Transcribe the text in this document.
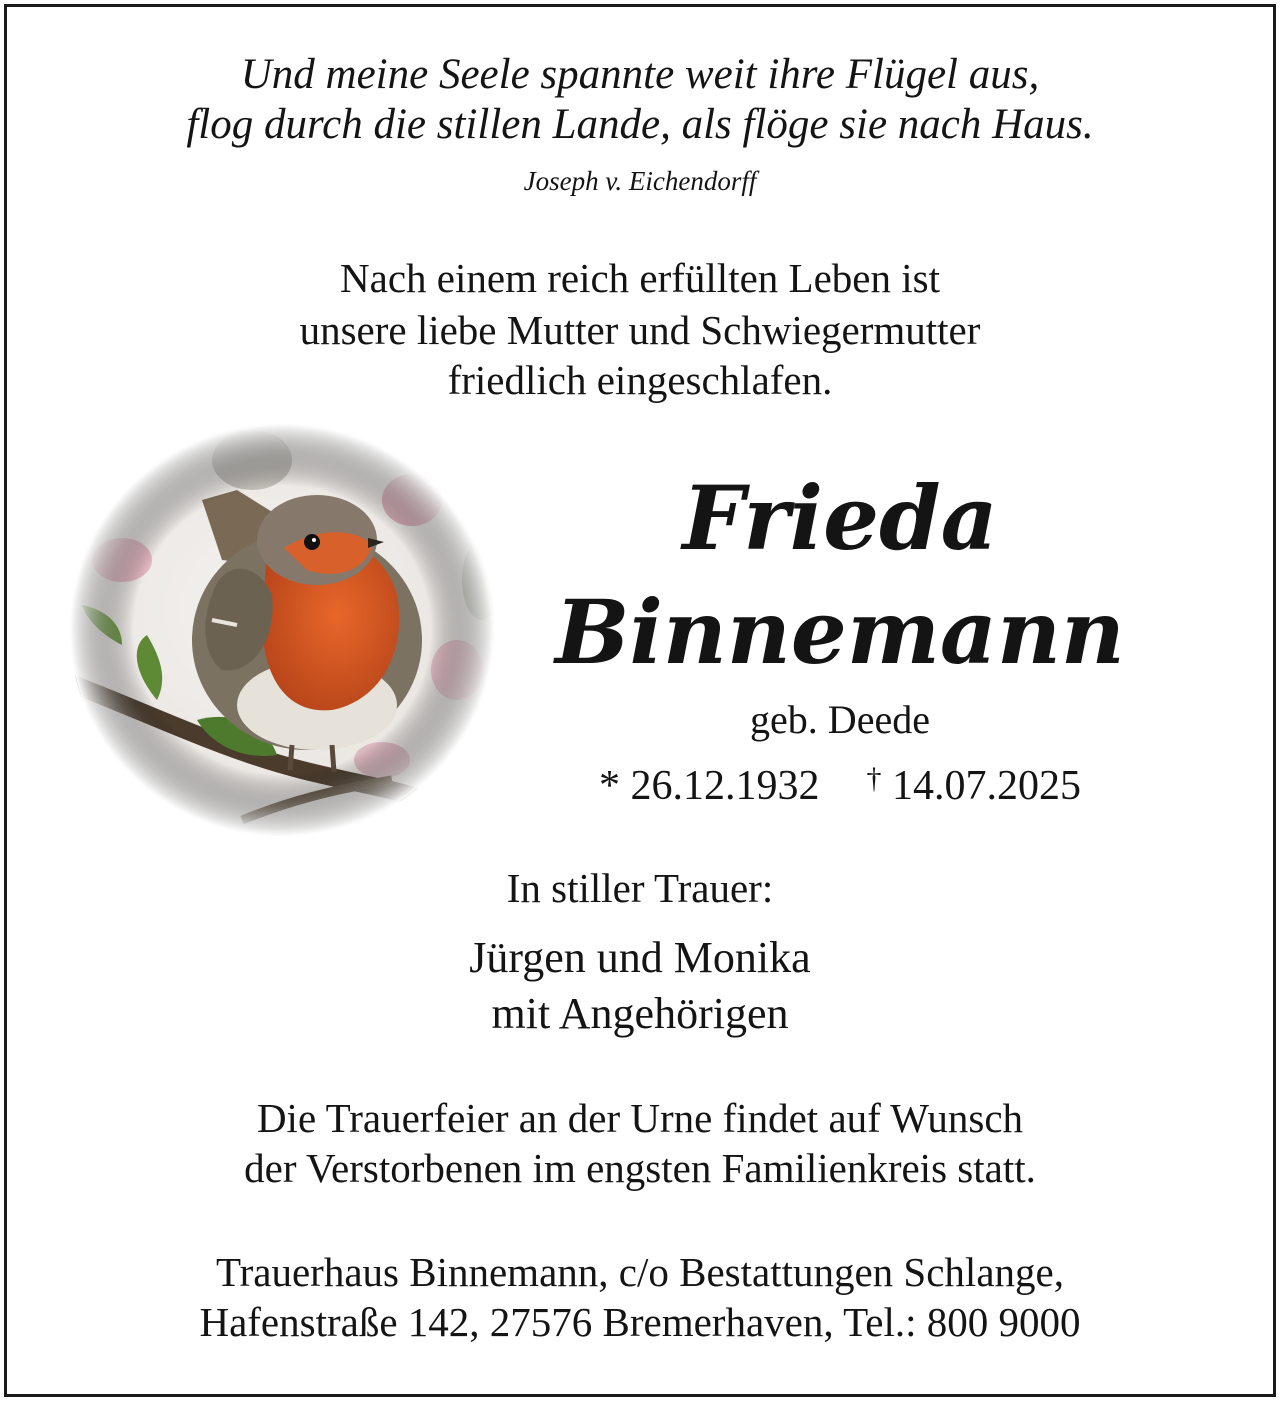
Und meine Seele spannte weit ihre Flügel aus,
flog durch die stillen Lande, als flöge sie nach Haus.
Joseph v. Eichendorff
Nach einem reich erfüllten Leben ist
unsere liebe Mutter und Schwiegermutter
friedlich eingeschlafen.
Frieda
Binnemann
geb. Deede
* 26.12.1932 † 14.07.2025
In stiller Trauer:
Jürgen und Monika
mit Angehörigen
Die Trauerfeier an der Urne findet auf Wunsch
der Verstorbenen im engsten Familienkreis statt.
Trauerhaus Binnemann, c/o Bestattungen Schlange,
Hafenstraße 142, 27576 Bremerhaven, Tel.: 800 9000
